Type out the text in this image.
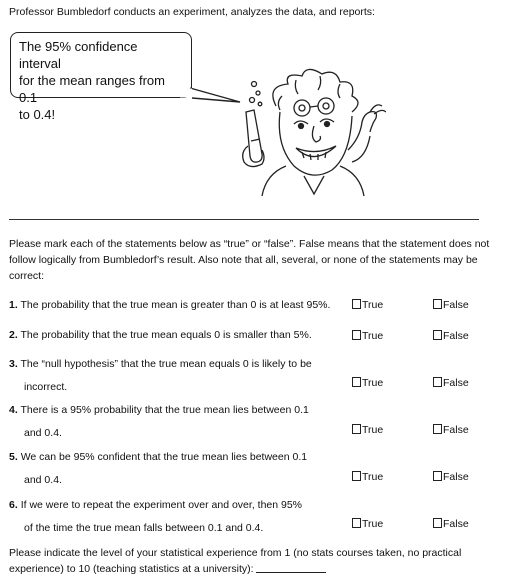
Professor Bumbledorf conducts an experiment, analyzes the data, and reports:
The 95% confidence interval
for the mean ranges from 0.1
to 0.4!
Please mark each of the statements below as “true” or “false”. False means that the statement does not
follow logically from Bumbledorf’s result. Also note that all, several, or none of the statements may be
correct:
1. The probability that the true mean is greater than 0 is at least 95%.	True	False
2. The probability that the true mean equals 0 is smaller than 5%.	True	False
3. The “null hypothesis” that the true mean equals 0 is likely to be
incorrect.	True	False
4. There is a 95% probability that the true mean lies between 0.1
and 0.4.	True	False
5. We can be 95% confident that the true mean lies between 0.1
and 0.4.	True	False
6. If we were to repeat the experiment over and over, then 95%
of the time the true mean falls between 0.1 and 0.4.	True	False
Please indicate the level of your statistical experience from 1 (no stats courses taken, no practical
experience) to 10 (teaching statistics at a university):
